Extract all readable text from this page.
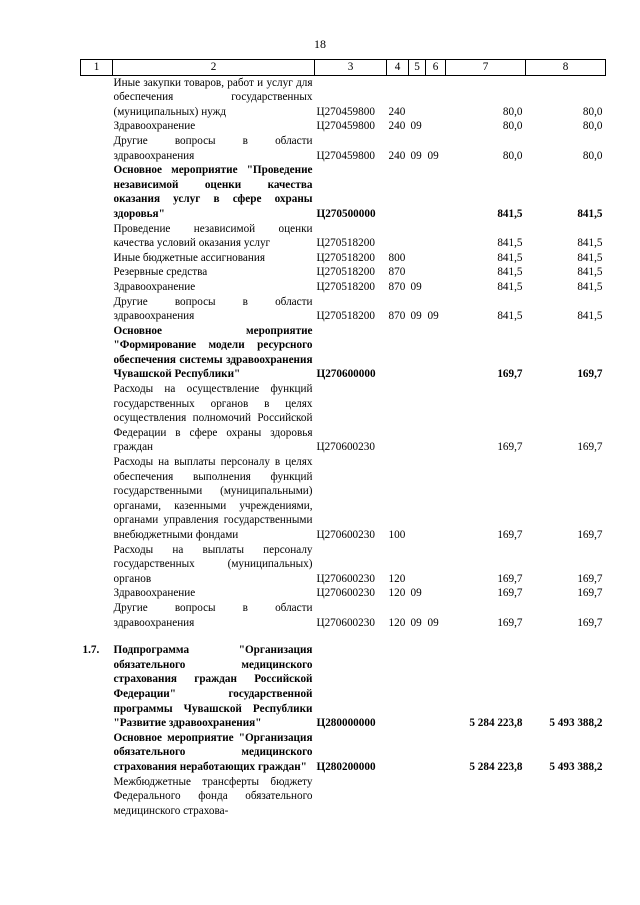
18
1	2	3	4	5	6	7	8
	Иные закупки товаров, работ и услуг для обеспечения государственных (муниципальных) нужд	Ц270459800	240			80,0	80,0
	Здравоохранение	Ц270459800	240	09		80,0	80,0
	Другие вопросы в области здравоохранения	Ц270459800	240	09	09	80,0	80,0
	Основное мероприятие "Проведение независимой оценки качества оказания услуг в сфере охраны здоровья"	Ц270500000				841,5	841,5
	Проведение независимой оценки качества условий оказания услуг	Ц270518200				841,5	841,5
	Иные бюджетные ассигнования	Ц270518200	800			841,5	841,5
	Резервные средства	Ц270518200	870			841,5	841,5
	Здравоохранение	Ц270518200	870	09		841,5	841,5
	Другие вопросы в области здравоохранения	Ц270518200	870	09	09	841,5	841,5
	Основное мероприятие "Формирование модели ресурсного обеспечения системы здравоохранения Чувашской Республики"	Ц270600000				169,7	169,7
	Расходы на осуществление функций государственных органов в целях осуществления полномочий Российской Федерации в сфере охраны здоровья граждан	Ц270600230				169,7	169,7
	Расходы на выплаты персоналу в целях обеспечения выполнения функций государственными (муниципальными) органами, казенными учреждениями, органами управления государственными внебюджетными фондами	Ц270600230	100			169,7	169,7
	Расходы на выплаты персоналу государственных (муниципальных) органов	Ц270600230	120			169,7	169,7
	Здравоохранение	Ц270600230	120	09		169,7	169,7
	Другие вопросы в области здравоохранения	Ц270600230	120	09	09	169,7	169,7

1.7.	Подпрограмма "Организация обязательного медицинского страхования граждан Российской Федерации" государственной программы Чувашской Республики "Развитие здравоохранения"	Ц280000000				5 284 223,8	5 493 388,2
	Основное мероприятие "Организация обязательного медицинского страхования неработающих граждан"	Ц280200000				5 284 223,8	5 493 388,2
	Межбюджетные трансферты бюджету Федерального фонда обязательного медицинского страхова-						
